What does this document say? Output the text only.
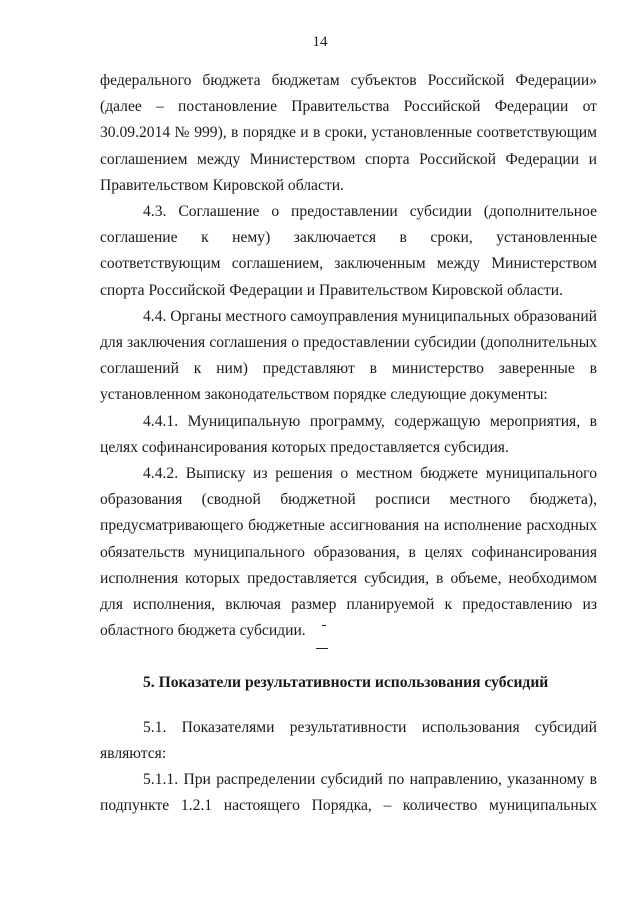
14

федерального бюджета бюджетам субъектов Российской Федерации» (далее – постановление Правительства Российской Федерации от 30.09.2014 № 999), в порядке и в сроки, установленные соответствующим соглашением между Министерством спорта Российской Федерации и Правительством Кировской области.

4.3. Соглашение о предоставлении субсидии (дополнительное соглашение к нему) заключается в сроки, установленные соответствующим соглашением, заключенным между Министерством спорта Российской Федерации и Правительством Кировской области.

4.4. Органы местного самоуправления муниципальных образований для заключения соглашения о предоставлении субсидии (дополнительных соглашений к ним) представляют в министерство заверенные в установленном законодательством порядке следующие документы:

4.4.1. Муниципальную программу, содержащую мероприятия, в целях софинансирования которых предоставляется субсидия.

4.4.2. Выписку из решения о местном бюджете муниципального образования (сводной бюджетной росписи местного бюджета), предусматривающего бюджетные ассигнования на исполнение расходных обязательств муниципального образования, в целях софинансирования исполнения которых предоставляется субсидия, в объеме, необходимом для исполнения, включая размер планируемой к предоставлению из областного бюджета субсидии.

5. Показатели результативности использования субсидий

5.1. Показателями результативности использования субсидий являются:

5.1.1. При распределении субсидий по направлению, указанному в подпункте 1.2.1 настоящего Порядка, – количество муниципальных
